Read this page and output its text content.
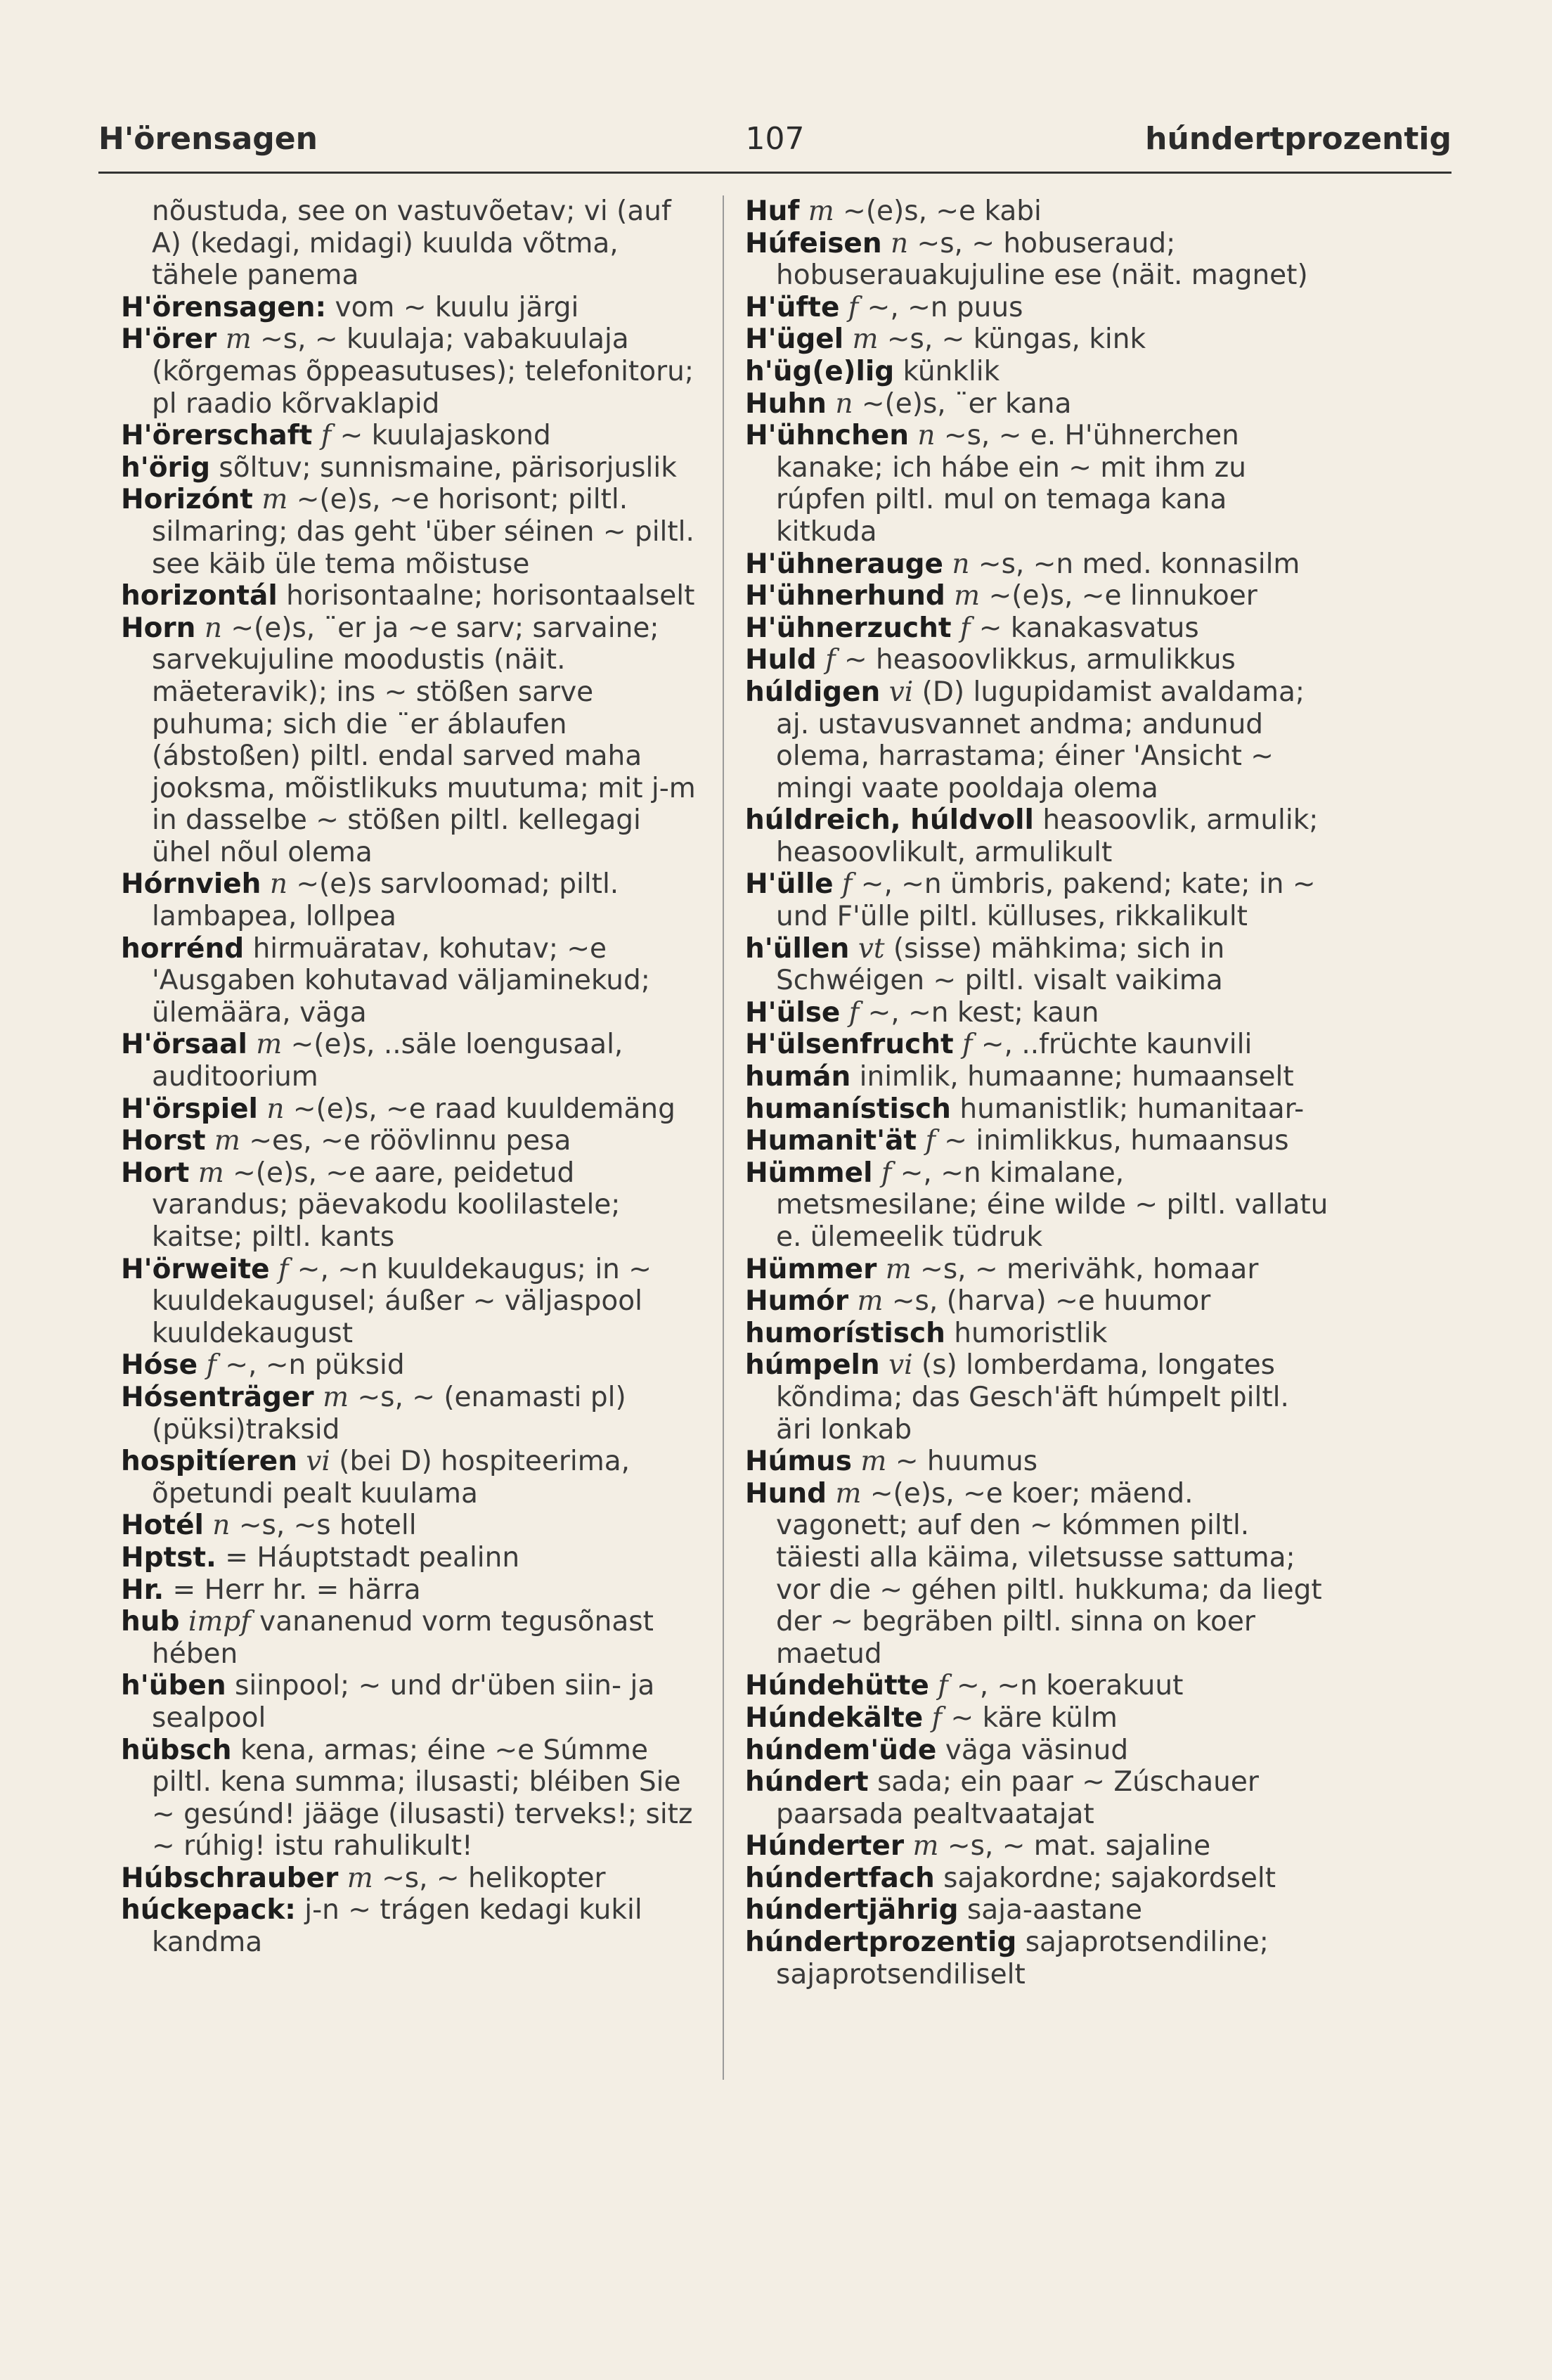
H'örensagen	107	húndertprozentig

nõustuda, see on vastuvõetav; vi (auf A) (kedagi, midagi) kuulda võtma, tähele panema

H'örensagen: vom ~ kuulu järgi

H'örer m ~s, ~ kuulaja; vabakuulaja (kõrgemas õppeasutuses); telefonitoru; pl raadio kõrvaklapid

H'örerschaft f ~ kuulajaskond

h'örig sõltuv; sunnismaine, pärisorjuslik

Horizónt m ~(e)s, ~e horisont; piltl. silmaring; das geht 'über séinen ~ piltl. see käib üle tema mõistuse

horizontál horisontaalne; horisontaalselt

Horn n ~(e)s, ¨er ja ~e sarv; sarvaine; sarvekujuline moodustis (näit. mäeteravik); ins ~ stößen sarve puhuma; sich die ¨er áblaufen (ábstoßen) piltl. endal sarved maha jooksma, mõistlikuks muutuma; mit j-m in dasselbe ~ stößen piltl. kellegagi ühel nõul olema

Hórnvieh n ~(e)s sarvloomad; piltl. lambapea, lollpea

horrénd hirmuäratav, kohutav; ~e 'Ausgaben kohutavad väljaminekud; ülemäära, väga

H'örsaal m ~(e)s, ..säle loengusaal, auditoorium

H'örspiel n ~(e)s, ~e raad kuuldemäng

Horst m ~es, ~e röövlinnu pesa

Hort m ~(e)s, ~e aare, peidetud varandus; päevakodu koolilastele; kaitse; piltl. kants

H'örweite f ~, ~n kuuldekaugus; in ~ kuuldekaugusel; áußer ~ väljaspool kuuldekaugust

Hóse f ~, ~n püksid

Hósenträger m ~s, ~ (enamasti pl) (püksi)traksid

hospitíeren vi (bei D) hospiteerima, õpetundi pealt kuulama

Hotél n ~s, ~s hotell

Hptst. = Háuptstadt pealinn

Hr. = Herr hr. = härra

hub impf vananenud vorm tegusõnast hében

h'üben siinpool; ~ und dr'üben siin- ja sealpool

hübsch kena, armas; éine ~e Súmme piltl. kena summa; ilusasti; bléiben Sie ~ gesúnd! jääge (ilusasti) terveks!; sitz ~ rúhig! istu rahulikult!

Húbschrauber m ~s, ~ helikopter

húckepack: j-n ~ trágen kedagi kukil kandma

Huf m ~(e)s, ~e kabi

Húfeisen n ~s, ~ hobuseraud; hobuserauakujuline ese (näit. magnet)

H'üfte f ~, ~n puus

H'ügel m ~s, ~ küngas, kink

h'üg(e)lig künklik

Huhn n ~(e)s, ¨er kana

H'ühnchen n ~s, ~ e. H'ühnerchen kanake; ich hábe ein ~ mit ihm zu rúpfen piltl. mul on temaga kana kitkuda

H'ühnerauge n ~s, ~n med. konnasilm

H'ühnerhund m ~(e)s, ~e linnukoer

H'ühnerzucht f ~ kanakasvatus

Huld f ~ heasoovlikkus, armulikkus

húldigen vi (D) lugupidamist avaldama; aj. ustavusvannet andma; andunud olema, harrastama; éiner 'Ansicht ~ mingi vaate pooldaja olema

húldreich, húldvoll heasoovlik, armulik; heasoovlikult, armulikult

H'ülle f ~, ~n ümbris, pakend; kate; in ~ und F'ülle piltl. külluses, rikkalikult

h'üllen vt (sisse) mähkima; sich in Schwéigen ~ piltl. visalt vaikima

H'ülse f ~, ~n kest; kaun

H'ülsenfrucht f ~, ..früchte kaunvili

humán inimlik, humaanne; humaanselt

humanístisch humanistlik; humanitaar-

Humanit'ät f ~ inimlikkus, humaansus

Hümmel f ~, ~n kimalane, metsmesilane; éine wilde ~ piltl. vallatu e. ülemeelik tüdruk

Hümmer m ~s, ~ merivähk, homaar

Humór m ~s, (harva) ~e huumor

humorístisch humoristlik

húmpeln vi (s) lomberdama, longates kõndima; das Gesch'äft húmpelt piltl. äri lonkab

Húmus m ~ huumus

Hund m ~(e)s, ~e koer; mäend. vagonett; auf den ~ kómmen piltl. täiesti alla käima, viletsusse sattuma; vor die ~ géhen piltl. hukkuma; da liegt der ~ begräben piltl. sinna on koer maetud

Húndehütte f ~, ~n koerakuut

Húndekälte f ~ käre külm

húndem'üde väga väsinud

húndert sada; ein paar ~ Zúschauer paarsada pealtvaatajat

Húnderter m ~s, ~ mat. sajaline

húndertfach sajakordne; sajakordselt

húndertjährig saja-aastane

húndertprozentig sajaprotsendiline; sajaprotsendiliselt
